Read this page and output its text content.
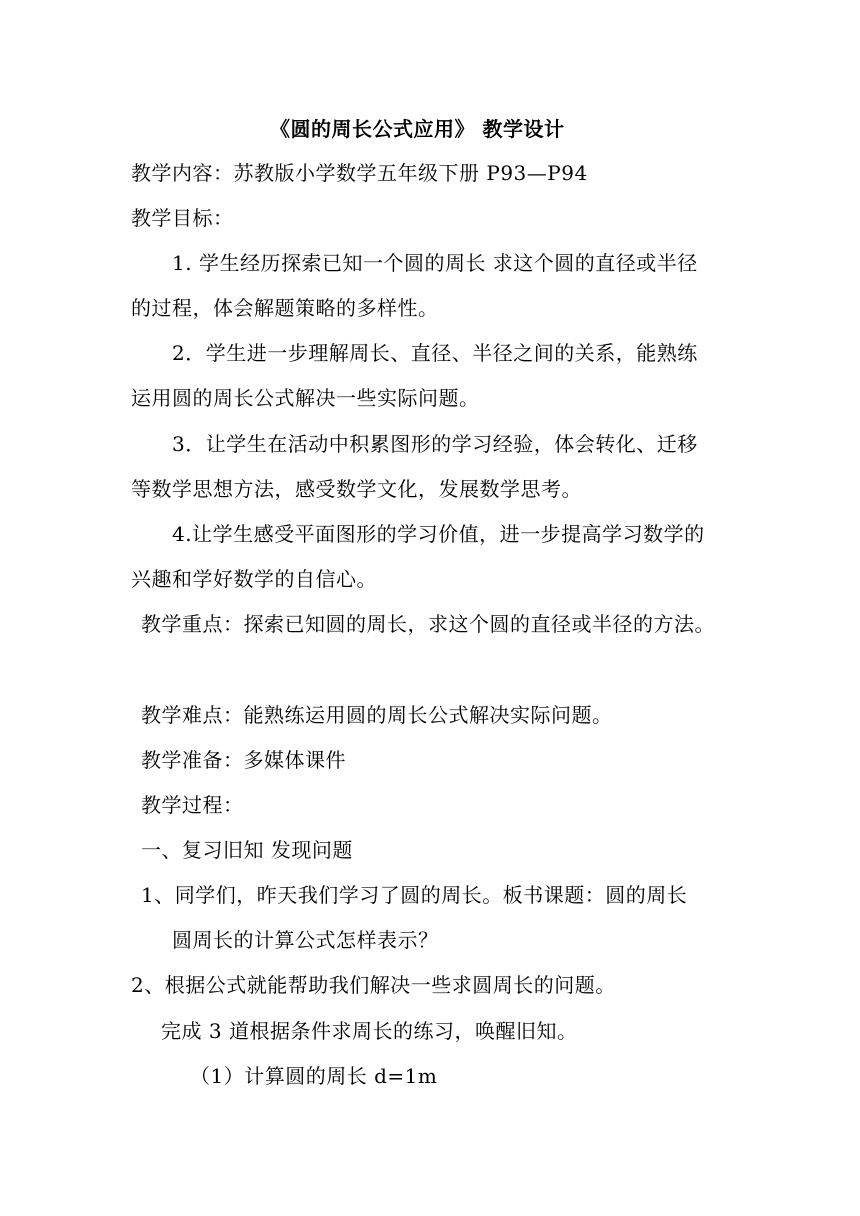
《圆的周长公式应用》 教学设计
教学内容：苏教版小学数学五年级下册 P93—P94
教学目标：
1. 学生经历探索已知一个圆的周长 求这个圆的直径或半径
的过程，体会解题策略的多样性。
2．学生进一步理解周长、直径、半径之间的关系，能熟练
运用圆的周长公式解决一些实际问题。
3．让学生在活动中积累图形的学习经验，体会转化、迁移
等数学思想方法，感受数学文化，发展数学思考。
4.让学生感受平面图形的学习价值，进一步提高学习数学的
兴趣和学好数学的自信心。
教学重点：探索已知圆的周长，求这个圆的直径或半径的方法。
教学难点：能熟练运用圆的周长公式解决实际问题。
教学准备：多媒体课件
教学过程：
一、复习旧知 发现问题
1、同学们，昨天我们学习了圆的周长。板书课题：圆的周长
圆周长的计算公式怎样表示？
2、根据公式就能帮助我们解决一些求圆周长的问题。
完成 3 道根据条件求周长的练习，唤醒旧知。
（1）计算圆的周长 d=1m
